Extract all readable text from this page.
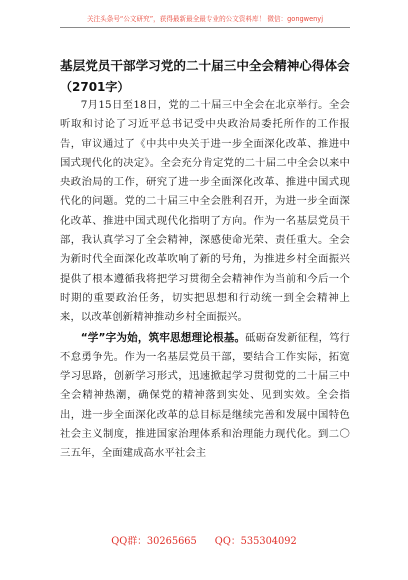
关注头条号“公文研究”，获得最新最全最专业的公文资料库！ 微信：gongwenyj
基层党员干部学习党的二十届三中全会精神心得体会
（2701字）

7月15日至18日，党的二十届三中全会在北京举行。全会听取和讨论了习近平总书记受中央政治局委托所作的工作报告，审议通过了《中共中央关于进一步全面深化改革、推进中国式现代化的决定》。全会充分肯定党的二十届二中全会以来中央政治局的工作，研究了进一步全面深化改革、推进中国式现代化的问题。党的二十届三中全会胜利召开，为进一步全面深化改革、推进中国式现代化指明了方向。作为一名基层党员干部，我认真学习了全会精神，深感使命光荣、责任重大。全会为新时代全面深化改革吹响了新的号角，为推进乡村全面振兴提供了根本遵循我将把学习贯彻全会精神作为当前和今后一个时期的重要政治任务，切实把思想和行动统一到全会精神上来，以改革创新精神推动乡村全面振兴。

“学”字为始，筑牢思想理论根基。砥砺奋发新征程，笃行不怠勇争先。作为一名基层党员干部，要结合工作实际，拓宽学习思路，创新学习形式，迅速掀起学习贯彻党的二十届三中全会精神热潮，确保党的精神落到实处、见到实效。全会指出，进一步全面深化改革的总目标是继续完善和发展中国特色社会主义制度，推进国家治理体系和治理能力现代化。到二〇三五年，全面建成高水平社会主

QQ群：30265665 QQ：535304092
